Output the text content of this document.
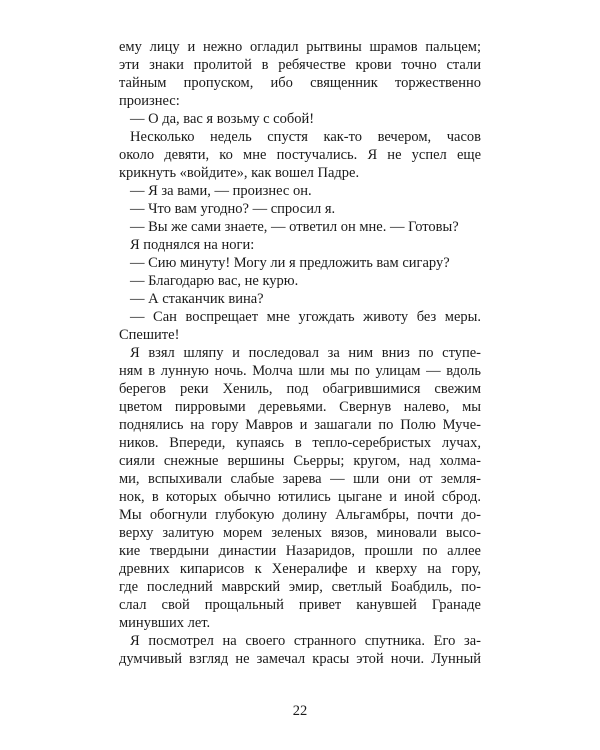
ему лицу и нежно огладил рытвины шрамов пальцем;
эти знаки пролитой в ребячестве крови точно стали
тайным пропуском, ибо священник торжественно
произнес:
— О да, вас я возьму с собой!
Несколько недель спустя как-то вечером, часов
около девяти, ко мне постучались. Я не успел еще
крикнуть «войдите», как вошел Падре.
— Я за вами, — произнес он.
— Что вам угодно? — спросил я.
— Вы же сами знаете, — ответил он мне. — Готовы?
Я поднялся на ноги:
— Сию минуту! Могу ли я предложить вам сигару?
— Благодарю вас, не курю.
— А стаканчик вина?
— Сан воспрещает мне угождать животу без меры.
Спешите!
Я взял шляпу и последовал за ним вниз по ступе-
ням в лунную ночь. Молча шли мы по улицам — вдоль
берегов реки Хениль, под обагрившимися свежим
цветом пирровыми деревьями. Свернув налево, мы
поднялись на гору Мавров и зашагали по Полю Муче-
ников. Впереди, купаясь в тепло-серебристых лучах,
сияли снежные вершины Сьерры; кругом, над холма-
ми, вспыхивали слабые зарева — шли они от земля-
нок, в которых обычно ютились цыгане и иной сброд.
Мы обогнули глубокую долину Альгамбры, почти до-
верху залитую морем зеленых вязов, миновали высо-
кие твердыни династии Назаридов, прошли по аллее
древних кипарисов к Хенералифе и кверху на гору,
где последний маврский эмир, светлый Боабдиль, по-
слал свой прощальный привет канувшей Гранаде
минувших лет.
Я посмотрел на своего странного спутника. Его за-
думчивый взгляд не замечал красы этой ночи. Лунный
22
